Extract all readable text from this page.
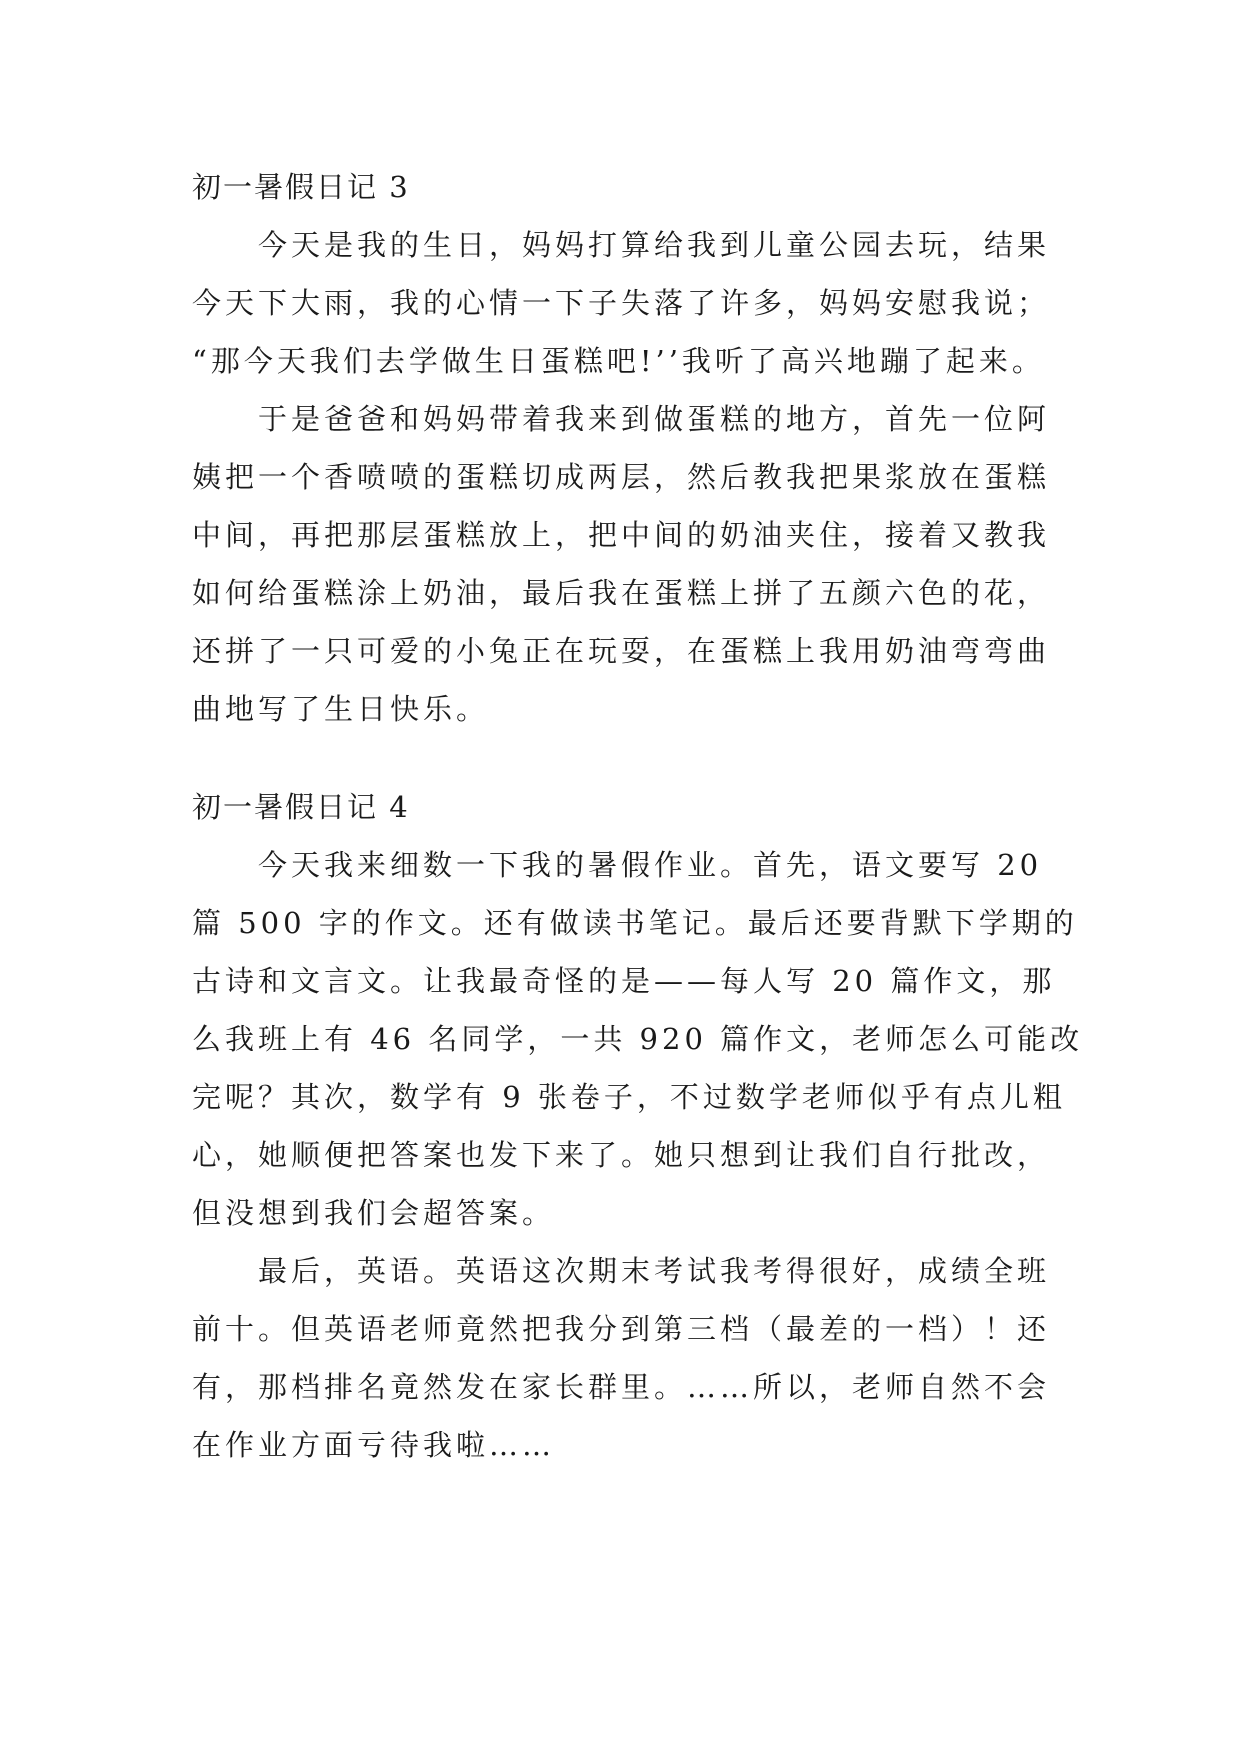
初一暑假日记 3

今天是我的生日，妈妈打算给我到儿童公园去玩，结果
今天下大雨，我的心情一下子失落了许多，妈妈安慰我说；
“那今天我们去学做生日蛋糕吧!’’我听了高兴地蹦了起来。

于是爸爸和妈妈带着我来到做蛋糕的地方，首先一位阿
姨把一个香喷喷的蛋糕切成两层，然后教我把果浆放在蛋糕
中间，再把那层蛋糕放上，把中间的奶油夹住，接着又教我
如何给蛋糕涂上奶油，最后我在蛋糕上拼了五颜六色的花，
还拼了一只可爱的小兔正在玩耍，在蛋糕上我用奶油弯弯曲
曲地写了生日快乐。

初一暑假日记 4

今天我来细数一下我的暑假作业。首先，语文要写 20
篇 500 字的作文。还有做读书笔记。最后还要背默下学期的
古诗和文言文。让我最奇怪的是——每人写 20 篇作文，那
么我班上有 46 名同学，一共 920 篇作文，老师怎么可能改
完呢？其次，数学有 9 张卷子，不过数学老师似乎有点儿粗
心，她顺便把答案也发下来了。她只想到让我们自行批改，
但没想到我们会超答案。

最后，英语。英语这次期末考试我考得很好，成绩全班
前十。但英语老师竟然把我分到第三档（最差的一档）！还
有，那档排名竟然发在家长群里。……所以，老师自然不会
在作业方面亏待我啦……
